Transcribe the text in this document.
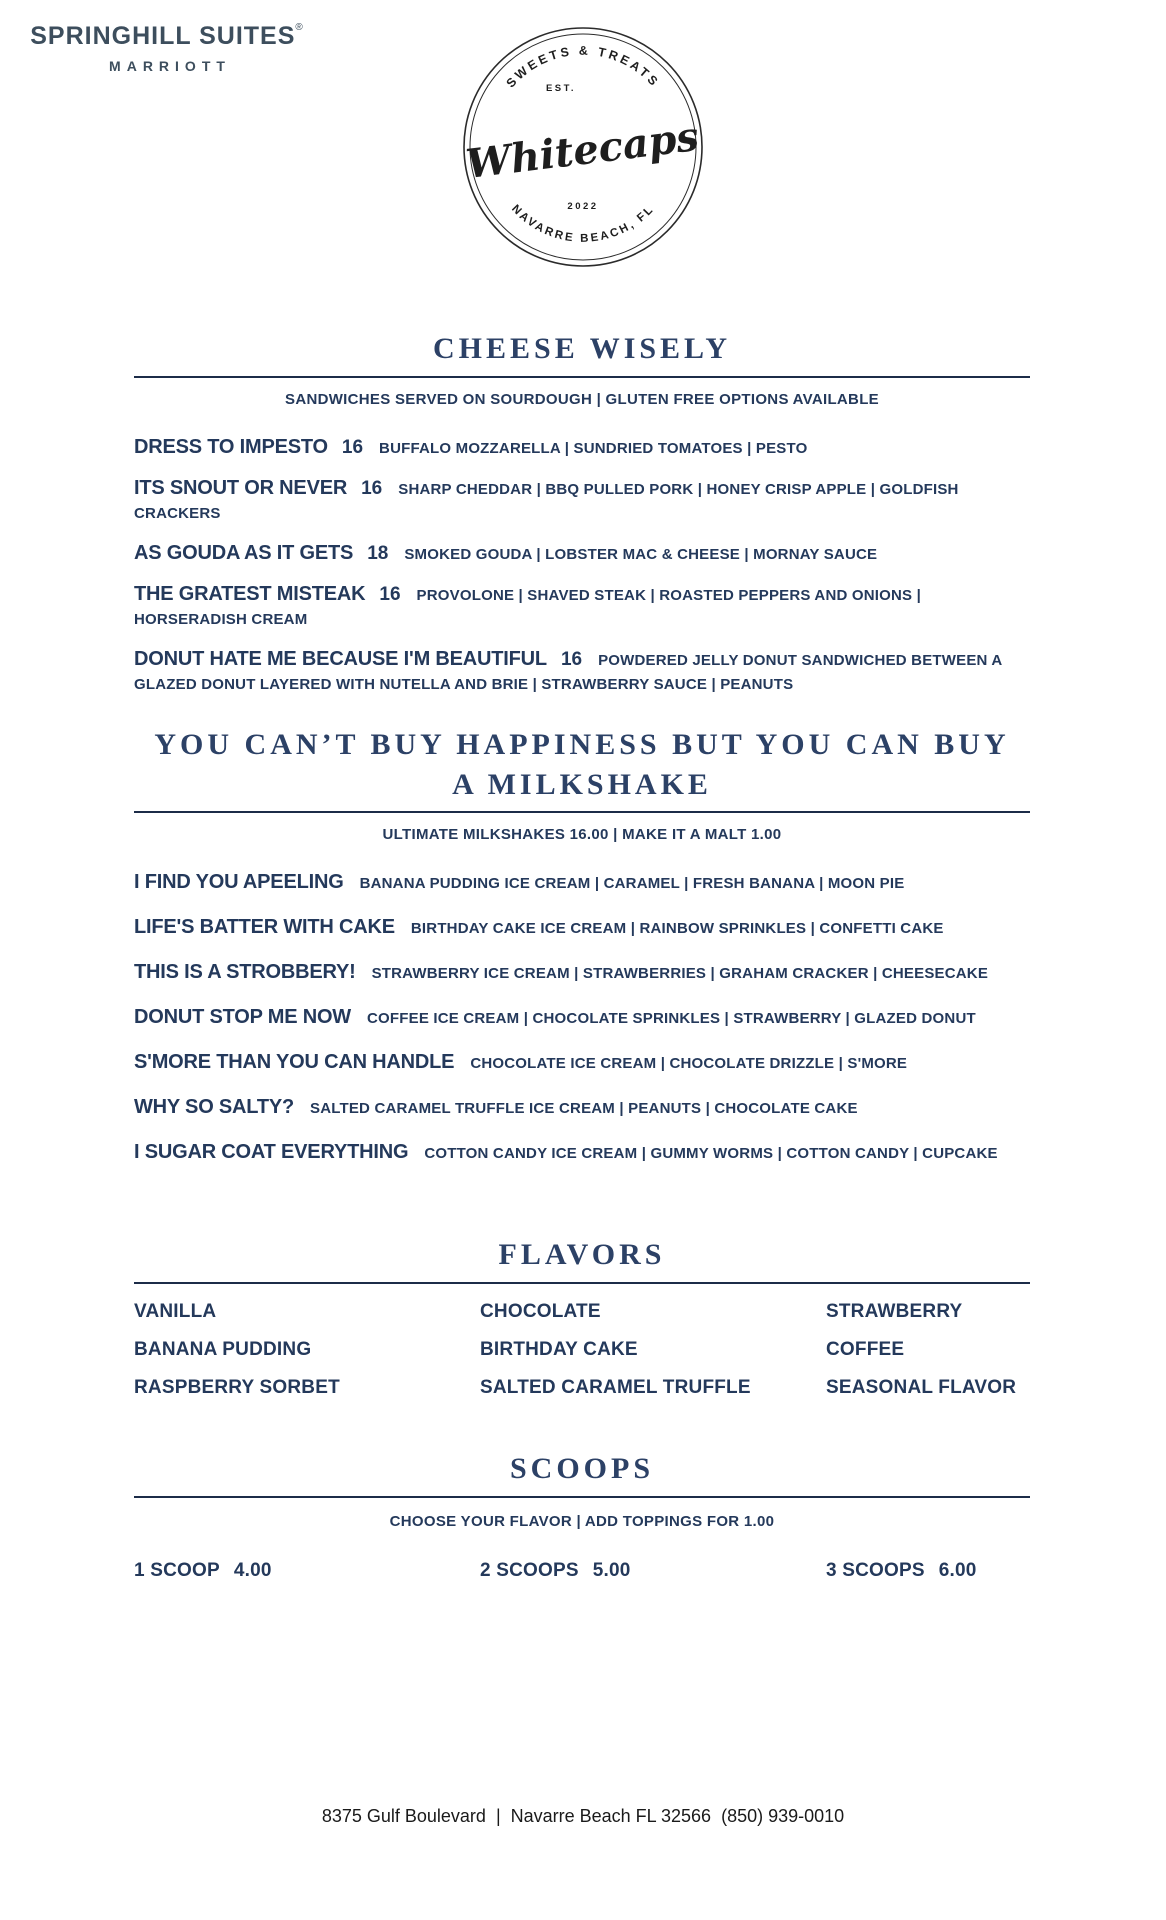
SPRINGHILL SUITES®
MARRIOTT
SWEETS & TREATS
EST.
Whitecaps
2022
NAVARRE BEACH, FL
CHEESE WISELY

SANDWICHES SERVED ON SOURDOUGH | GLUTEN FREE OPTIONS AVAILABLE

DRESS TO IMPESTO 16 BUFFALO MOZZARELLA | SUNDRIED TOMATOES | PESTO

ITS SNOUT OR NEVER 16 SHARP CHEDDAR | BBQ PULLED PORK | HONEY CRISP APPLE | GOLDFISH CRACKERS

AS GOUDA AS IT GETS 18 SMOKED GOUDA | LOBSTER MAC & CHEESE | MORNAY SAUCE

THE GRATEST MISTEAK 16 PROVOLONE | SHAVED STEAK | ROASTED PEPPERS AND ONIONS | HORSERADISH CREAM

DONUT HATE ME BECAUSE I'M BEAUTIFUL 16 POWDERED JELLY DONUT SANDWICHED BETWEEN A GLAZED DONUT LAYERED WITH NUTELLA AND BRIE | STRAWBERRY SAUCE | PEANUTS

YOU CAN’T BUY HAPPINESS BUT YOU CAN BUY A MILKSHAKE

ULTIMATE MILKSHAKES 16.00 | MAKE IT A MALT 1.00

I FIND YOU APEELING BANANA PUDDING ICE CREAM | CARAMEL | FRESH BANANA | MOON PIE

LIFE'S BATTER WITH CAKE BIRTHDAY CAKE ICE CREAM | RAINBOW SPRINKLES | CONFETTI CAKE

THIS IS A STROBBERY! STRAWBERRY ICE CREAM | STRAWBERRIES | GRAHAM CRACKER | CHEESECAKE

DONUT STOP ME NOW COFFEE ICE CREAM | CHOCOLATE SPRINKLES | STRAWBERRY | GLAZED DONUT

S'MORE THAN YOU CAN HANDLE CHOCOLATE ICE CREAM | CHOCOLATE DRIZZLE | S'MORE

WHY SO SALTY? SALTED CARAMEL TRUFFLE ICE CREAM | PEANUTS | CHOCOLATE CAKE

I SUGAR COAT EVERYTHING COTTON CANDY ICE CREAM | GUMMY WORMS | COTTON CANDY | CUPCAKE

FLAVORS
VANILLA	CHOCOLATE	STRAWBERRY
BANANA PUDDING	BIRTHDAY CAKE	COFFEE
RASPBERRY SORBET	SALTED CARAMEL TRUFFLE	SEASONAL FLAVOR
SCOOPS

CHOOSE YOUR FLAVOR | ADD TOPPINGS FOR 1.00

1 SCOOP 4.00	2 SCOOPS 5.00	3 SCOOPS 6.00
8375 Gulf Boulevard  |  Navarre Beach FL 32566  (850) 939-0010
